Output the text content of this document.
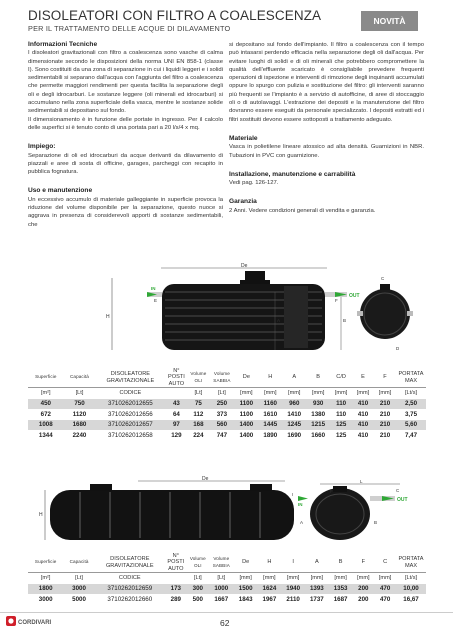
DISOLEATORI CON FILTRO A COALESCENZA
PER IL TRATTAMENTO DELLE ACQUE DI DILAVAMENTO
NOVITÀ
Informazioni Tecniche

I disoleatori gravitazionali con filtro a coalescenza sono vasche di calma dimensionate secondo le disposizioni della norma UNI EN 858-1 (classe I). Sono costituiti da una zona di separazione in cui i liquidi leggeri e i solidi sedimentabili si separano dall'acqua con l'aggiunta del filtro a coalescenza che permette maggiori rendimenti per questa facilita la separazione degli oli e degli idrocarburi. Le sostanze leggere (oli minerali ed idrocarburi) si accumulano nella zona superficiale della vasca, mentre le sostanze solide sedimentabili si depositano sul fondo.

Il dimensionamento è in funzione delle portate in ingresso. Per il calcolo delle superfici si è tenuto conto di una portata pari a 20 l/s/4 x mq.

Impiego:

Separazione di oli ed idrocarburi da acque derivanti da dilavamento di piazzali e aree di sosta di officine, garages, parcheggi con recapito in pubblica fognatura.

Uso e manutenzione

Un eccessivo accumulo di materiale galleggiante in superficie provoca la riduzione del volume disponibile per la separazione, questo nuoce si aggrava in presenza di considerevoli apporti di sostanze sedimentabili, che

si depositano sul fondo dell'impianto. Il filtro a coalescenza con il tempo può intasarsi perdendo efficacia nella separazione degli oli dall'acqua. Per evitare luoghi di solidi e di oli minerali che potrebbero compromettere la qualità dell'effluente scaricato è consigliabile prevedere frequenti operazioni di ispezione e interventi di rimozione degli inquinanti accumulati oppure lo spurgo con pulizia e sostituzione del filtro: gli interventi saranno più frequenti se l'impianto è a servizio di autofficine, di aree di stoccaggio oli o di autolavaggi. L'estrazione dei depositi e la manutenzione del filtro dovranno essere eseguiti da personale specializzato. I depositi estratti ed i filtri sostituiti devono essere sottoposti a trattamento adeguato.

Materiale

Vasca in polietilene lineare atossico ad alta densità. Guarnizioni in NBR. Tubazioni in PVC con guarnizione.

Installazione, manutenzione e carrabilità

Vedi pag. 126-127.

Garanzia

2 Anni. Vedere condizioni generali di vendita e garanzia.

De
H
IN
OUT
E	F
A	B
C
D
Superficie	Capacità	DISOLEATORE GRAVITAZIONALE	N° POSTI AUTO	Volume OLI	Volume SABBIA	De	H	A	B	C/D	E	F	PORTATA MAX
[m²]	[Lt]	CODICE		[Lt]	[Lt]	[mm]	[mm]	[mm]	[mm]	[mm]	[mm]	[mm]	[Lt/s]
450	750	3710262012655	43	75	250	1100	1160	960	930	110	410	210	2,50
672	1120	3710262012656	64	112	373	1100	1610	1410	1380	110	410	210	3,75
1008	1680	3710262012657	97	168	560	1400	1445	1245	1215	125	410	210	5,60
1344	2240	3710262012658	129	224	747	1400	1890	1690	1660	125	410	210	7,47
De
H
L
I
A	B
F	C
OUT
IN
Superficie	Capacità	DISOLEATORE GRAVITAZIONALE	N° POSTI AUTO	Volume OLI	Volume SABBIA	De	H	I	A	B	F	C	PORTATA MAX
[m²]	[Lt]	CODICE		[Lt]	[Lt]	[mm]	[mm]	[mm]	[mm]	[mm]	[mm]	[mm]	[Lt/s]
1800	3000	3710262012659	173	300	1000	1500	1624	1940	1393	1353	200	470	10,00
3000	5000	3710262012660	289	500	1667	1843	1967	2110	1737	1687	200	470	16,67
CORDIVARI	62
